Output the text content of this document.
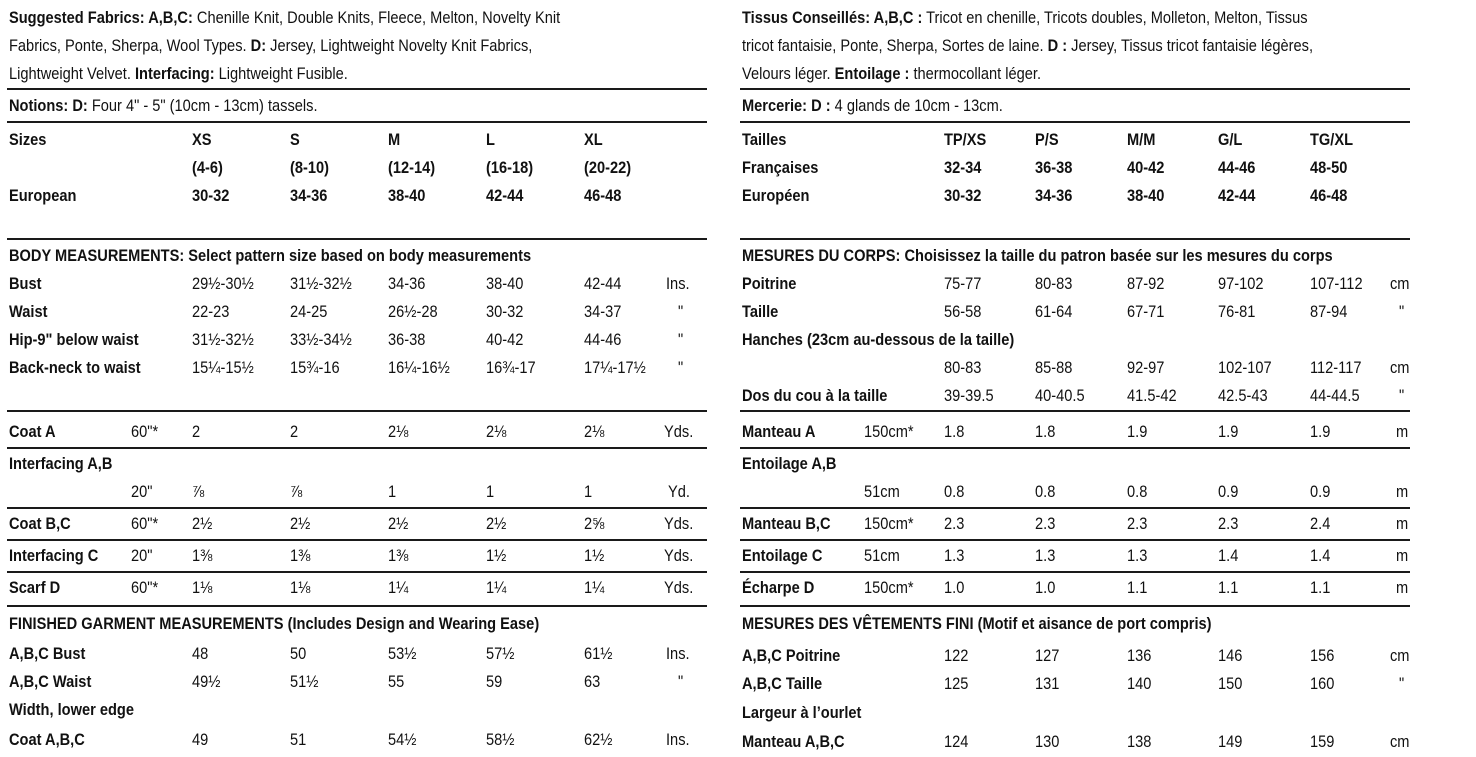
Suggested Fabrics: A,B,C: Chenille Knit, Double Knits, Fleece, Melton, Novelty Knit
Fabrics, Ponte, Sherpa, Wool Types. D: Jersey, Lightweight Novelty Knit Fabrics,
Lightweight Velvet. Interfacing: Lightweight Fusible.
Notions: D: Four 4" - 5" (10cm - 13cm) tassels.
Sizes	XS	S	M	L	XL
(4-6)	(8-10)	(12-14)	(16-18)	(20-22)
European	30-32	34-36	38-40	42-44	46-48
BODY MEASUREMENTS: Select pattern size based on body measurements
Bust	29½-30½ 31½-32½ 34-36	38-40	42-44	Ins.
Waist	22-23	24-25	26½-28	30-32	34-37	"
Hip-9" below waist	31½-32½ 33½-34½ 36-38	40-42	44-46	"
Back-neck to waist	15¼-15½ 15¾-16	16¼-16½ 16¾-17	17¼-17½ "
Coat A	60"* 2	2	2⅛	2⅛	2⅛	Yds.
Interfacing A,B
20" ⅞	⅞	1	1	1	Yd.
Coat B,C	60"* 2½	2½	2½	2½	2⅝	Yds.
Interfacing C 20" 1⅜	1⅜	1⅜	1½	1½	Yds.
Scarf D	60"* 1⅛	1⅛	1¼	1¼	1¼	Yds.
FINISHED GARMENT MEASUREMENTS (Includes Design and Wearing Ease)
A,B,C Bust	48	50	53½	57½	61½	Ins.
A,B,C Waist	49½	51½	55	59	63	"
Width, lower edge
Coat A,B,C	49	51	54½	58½	62½	Ins.
Tissus Conseillés: A,B,C : Tricot en chenille, Tricots doubles, Molleton, Melton, Tissus
tricot fantaisie, Ponte, Sherpa, Sortes de laine. D : Jersey, Tissus tricot fantaisie légères,
Velours léger. Entoilage : thermocollant léger.
Mercerie: D : 4 glands de 10cm - 13cm.
Tailles	TP/XS	P/S	M/M	G/L	TG/XL
Françaises	32-34	36-38	40-42	44-46	48-50
Européen	30-32	34-36	38-40	42-44	46-48
MESURES DU CORPS: Choisissez la taille du patron basée sur les mesures du corps
Poitrine	75-77	80-83	87-92	97-102	107-112 cm
Taille	56-58	61-64	67-71	76-81	87-94	"
Hanches (23cm au-dessous de la taille)
80-83	85-88	92-97	102-107 112-117 cm
Dos du cou à la taille	39-39.5 40-40.5 41.5-42 42.5-43 44-44.5 "
Manteau A	150cm* 1.8	1.8	1.9	1.9	1.9	m
Entoilage A,B
51cm	0.8	0.8	0.8	0.9	0.9	m
Manteau B,C 150cm* 2.3	2.3	2.3	2.3	2.4	m
Entoilage C 51cm	1.3	1.3	1.3	1.4	1.4	m
Écharpe D	150cm* 1.0	1.0	1.1	1.1	1.1	m
MESURES DES VÊTEMENTS FINI (Motif et aisance de port compris)
A,B,C Poitrine	122	127	136	146	156	cm
A,B,C Taille	125	131	140	150	160	"
Largeur à l’ourlet
Manteau A,B,C	124	130	138	149	159	cm
